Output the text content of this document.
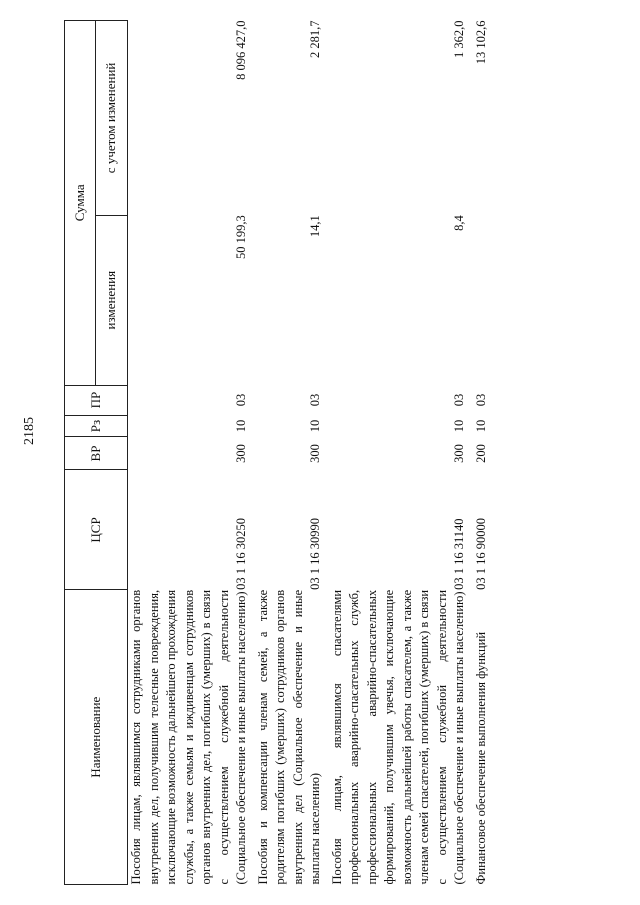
2185
Наименование	ЦСР	ВР	Рз	ПР	Сумма	
					изменения	с учетом изменений
Пособия лицам, являвшимся сотрудниками органов внутренних дел, получившим телесные повреждения, исключающие возможность дальнейшего прохождения службы, а также семьям и иждивенцам сотрудников органов внутренних дел, погибших (умерших) в связи с осуществлением служебной деятельности (Социальное обеспечение и иные выплаты населению)	03 1 16 30250	300	10	03	50 199,3	8 096 427,0
Пособия и компенсации членам семей, а также родителям погибших (умерших) сотрудников органов внутренних дел (Социальное обеспечение и иные выплаты населению)	03 1 16 30990	300	10	03	14,1	2 281,7
Пособия лицам, являвшимся спасателями профессиональных аварийно-спасательных служб, профессиональных аварийно-спасательных формирований, получившим увечья, исключающие возможность дальнейшей работы спасателем, а также членам семей спасателей, погибших (умерших) в связи с осуществлением служебной деятельности (Социальное обеспечение и иные выплаты населению)	03 1 16 31140	300	10	03	8,4	1 362,0
Финансовое обеспечение выполнения функций	03 1 16 90000	200	10	03		13 102,6
